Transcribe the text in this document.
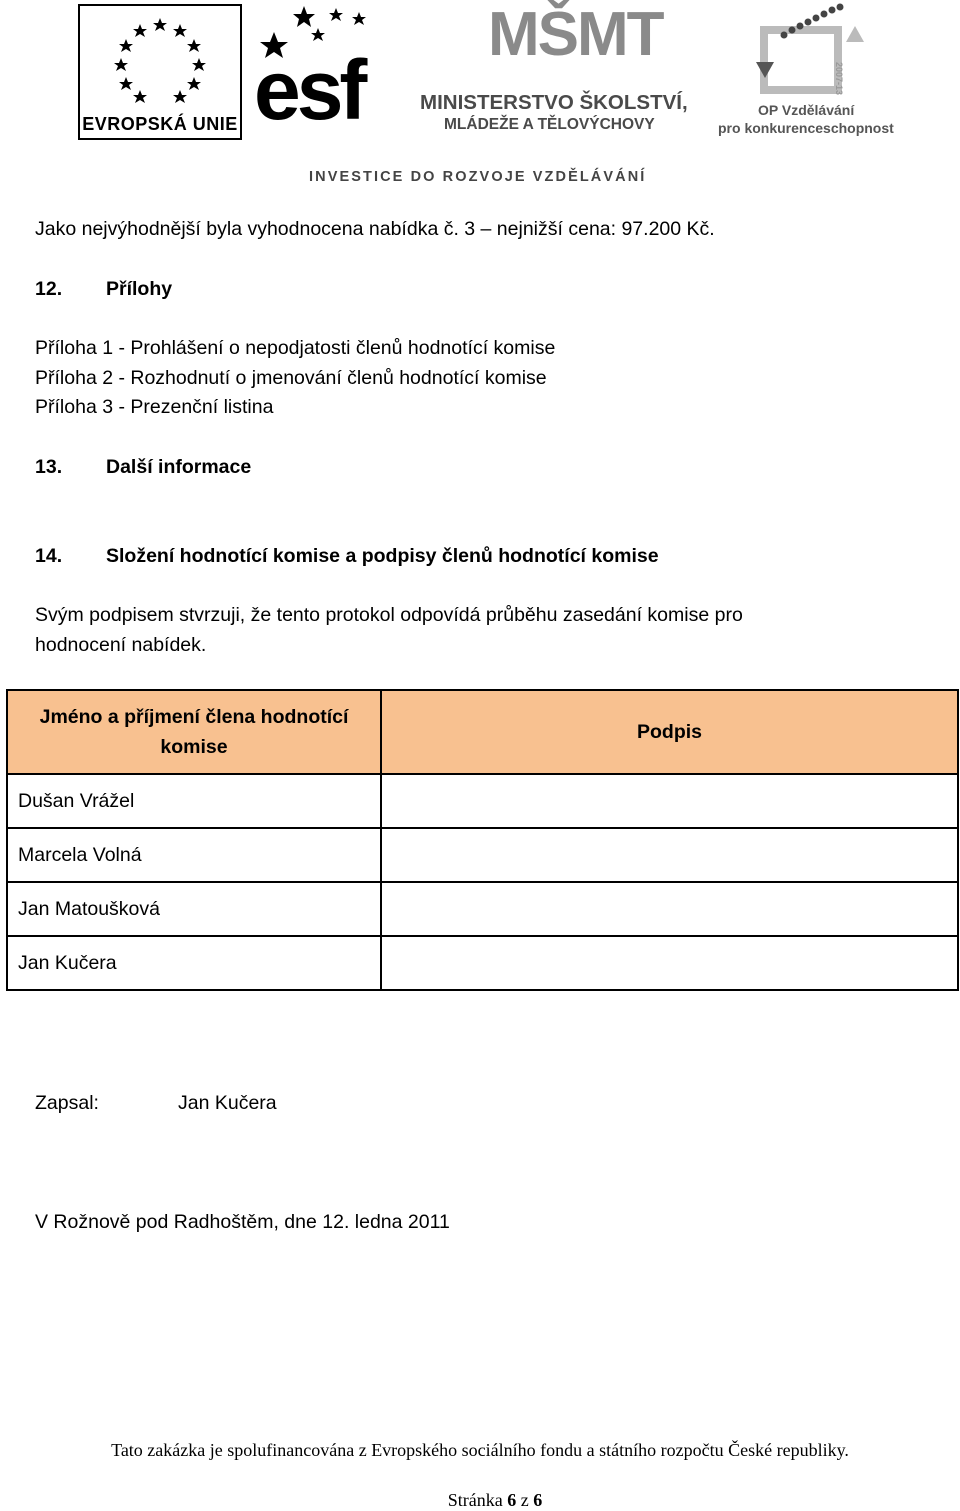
EVROPSKÁ UNIE esf
MŠMT
MINISTERSTVO ŠKOLSTVÍ,
MLÁDEŽE A TĚLOVÝCHOVY
2007-13
OP Vzdělávání
pro konkurenceschopnost
INVESTICE DO ROZVOJE VZDĚLÁVÁNÍ
Jako nejvýhodnější byla vyhodnocena nabídka č. 3 – nejnižší cena: 97.200 Kč.
12. Přílohy
Příloha 1 - Prohlášení o nepodjatosti členů hodnotící komise
Příloha 2 - Rozhodnutí o jmenování členů hodnotící komise
Příloha 3 - Prezenční listina
13. Další informace
14. Složení hodnotící komise a podpisy členů hodnotící komise
Svým podpisem stvrzuji, že tento protokol odpovídá průběhu zasedání komise pro
hodnocení nabídek.
Jméno a příjmení člena hodnotící komise	Podpis
Dušan Vrážel	
Marcela Volná	
Jan Matoušková	
Jan Kučera	
Zapsal:	Jan Kučera
V Rožnově pod Radhoštěm, dne 12. ledna 2011
Tato zakázka je spolufinancována z Evropského sociálního fondu a státního rozpočtu České republiky.
Stránka 6 z 6
